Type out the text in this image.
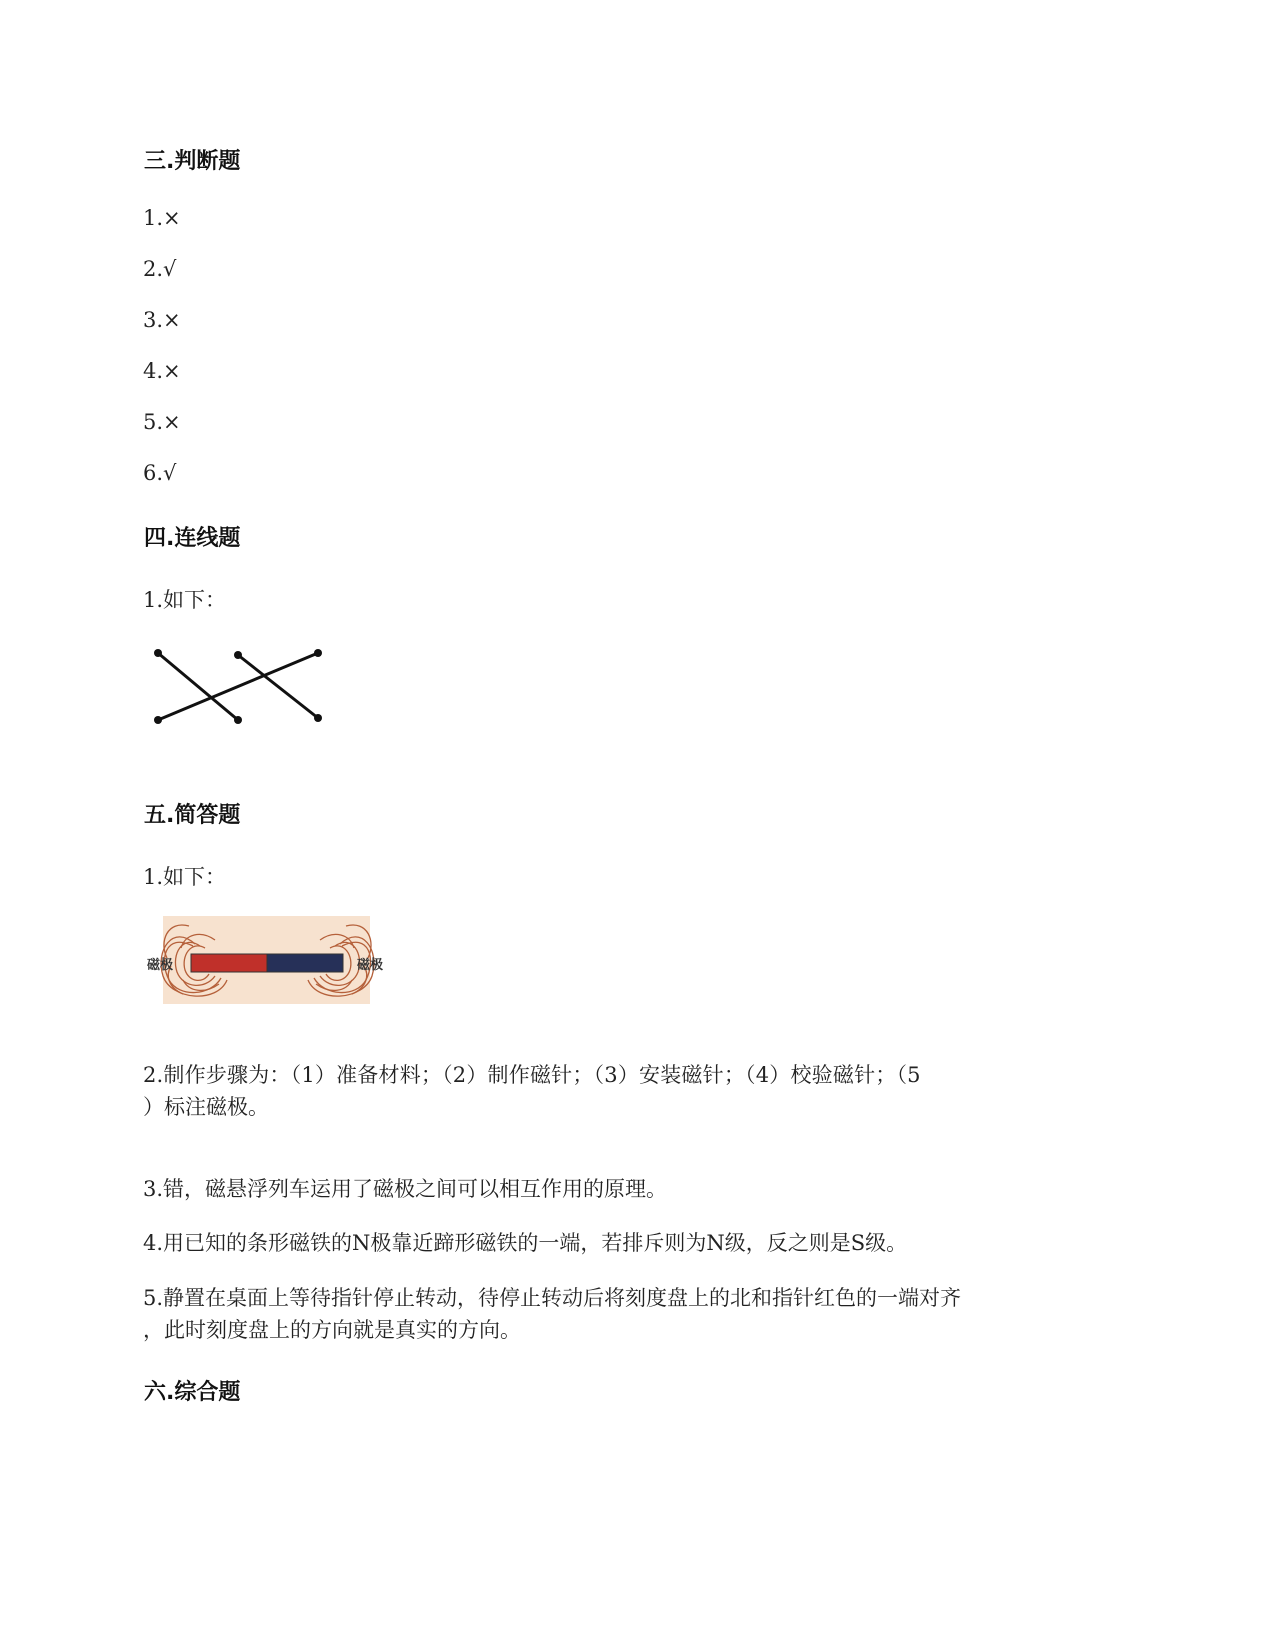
三.判断题
1.×
2.√
3.×
4.×
5.×
6.√
四.连线题
1.如下：
五.简答题
1.如下：
磁极	磁极
2.制作步骤为：（1）准备材料；（2）制作磁针；（3）安装磁针；（4）校验磁针；（5
）标注磁极。
3.错，磁悬浮列车运用了磁极之间可以相互作用的原理。
4.用已知的条形磁铁的N极靠近蹄形磁铁的一端，若排斥则为N级，反之则是S级。
5.静置在桌面上等待指针停止转动，待停止转动后将刻度盘上的北和指针红色的一端对齐
，此时刻度盘上的方向就是真实的方向。
六.综合题
